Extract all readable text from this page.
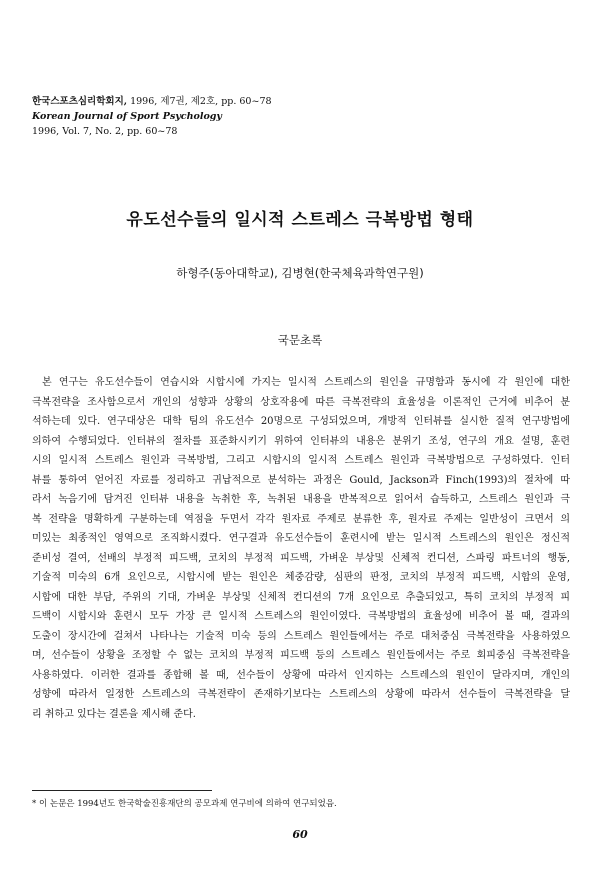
한국스포츠심리학회지, 1996, 제7권, 제2호, pp. 60~78
Korean Journal of Sport Psychology
1996, Vol. 7, No. 2, pp. 60~78
유도선수들의 일시적 스트레스 극복방법 형태
하형주(동아대학교), 김병현(한국체육과학연구원)
국문초록
본 연구는 유도선수들이 연습시와 시합시에 가지는 일시적 스트레스의 원인을 규명함과 동시에 각 원인에 대한
극복전략을 조사함으로서 개인의 성향과 상황의 상호작용에 따른 극복전략의 효율성을 이론적인 근거에 비추어 분
석하는데 있다. 연구대상은 대학 팀의 유도선수 20명으로 구성되었으며, 개방적 인터뷰를 실시한 질적 연구방법에
의하여 수행되었다. 인터뷰의 절차를 표준화시키기 위하여 인터뷰의 내용은 분위기 조성, 연구의 개요 설명, 훈련
시의 일시적 스트레스 원인과 극복방법, 그리고 시합시의 일시적 스트레스 원인과 극복방법으로 구성하였다. 인터
뷰를 통하여 얻어진 자료를 정리하고 귀납적으로 분석하는 과정은 Gould, Jackson과 Finch(1993)의 절차에 따
라서 녹음기에 담겨진 인터뷰 내용을 녹취한 후, 녹취된 내용을 반복적으로 읽어서 습득하고, 스트레스 원인과 극
복 전략을 명확하게 구분하는데 역점을 두면서 각각 원자료 주제로 분류한 후, 원자료 주제는 일반성이 크면서 의
미있는 최종적인 영역으로 조직화시켰다. 연구결과 유도선수들이 훈련시에 받는 일시적 스트레스의 원인은 정신적
준비성 결여, 선배의 부정적 피드백, 코치의 부정적 피드백, 가벼운 부상및 신체적 컨디션, 스파링 파트너의 행동,
기술적 미숙의 6개 요인으로, 시합시에 받는 원인은 체중감량, 심판의 판정, 코치의 부정적 피드백, 시합의 운영,
시합에 대한 부담, 주위의 기대, 가벼운 부상및 신체적 컨디션의 7개 요인으로 추출되었고, 특히 코치의 부정적 피
드백이 시합시와 훈련시 모두 가장 큰 일시적 스트레스의 원인이였다. 극복방법의 효율성에 비추어 볼 때, 결과의
도출이 장시간에 걸쳐서 나타나는 기술적 미숙 등의 스트레스 원인들에서는 주로 대처중심 극복전략을 사용하였으
며, 선수들이 상황을 조정할 수 없는 코치의 부정적 피드백 등의 스트레스 원인들에서는 주로 회피중심 극복전략을
사용하였다. 이러한 결과를 종합해 볼 때, 선수들이 상황에 따라서 인지하는 스트레스의 원인이 달라지며, 개인의
성향에 따라서 일정한 스트레스의 극복전략이 존재하기보다는 스트레스의 상황에 따라서 선수들이 극복전략을 달
리 취하고 있다는 결론을 제시해 준다.
* 이 논문은 1994년도 한국학술진흥재단의 공모과제 연구비에 의하여 연구되었음.
60
